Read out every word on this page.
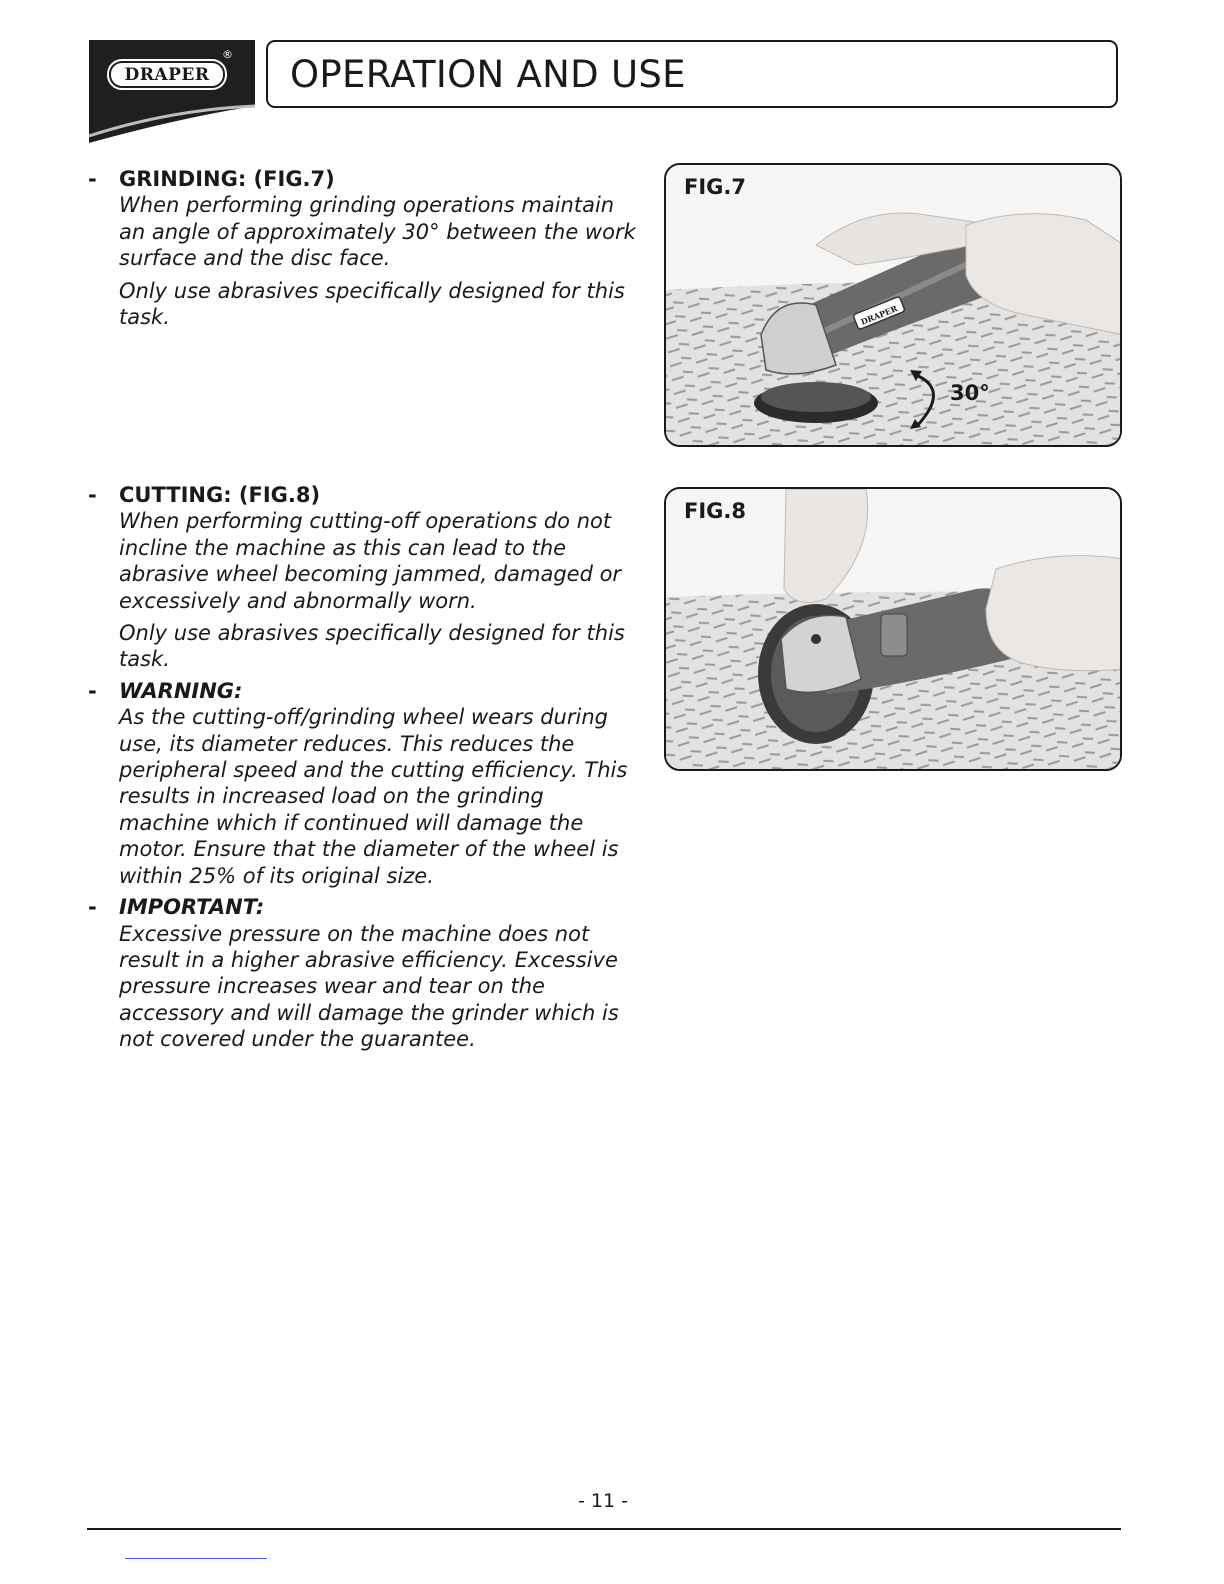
DRAPER
® OPERATION AND USE
- GRINDING: (FIG.7)
When performing grinding operations maintain an angle of approximately 30° between the work surface and the disc face.
Only use abrasives specifically designed for this task.
- CUTTING: (FIG.8)
When performing cutting-off operations do not incline the machine as this can lead to the abrasive wheel becoming jammed, damaged or excessively and abnormally worn.
Only use abrasives specifically designed for this task.
- WARNING:
As the cutting-off/grinding wheel wears during use, its diameter reduces. This reduces the peripheral speed and the cutting efficiency. This results in increased load on the grinding machine which if continued will damage the motor. Ensure that the diameter of the wheel is within 25% of its original size.
- IMPORTANT:
Excessive pressure on the machine does not result in a higher abrasive efficiency. Excessive pressure increases wear and tear on the accessory and will damage the grinder which is not covered under the guarantee.
FIG.7
30°
DRAPER
FIG.8
- 11 -
